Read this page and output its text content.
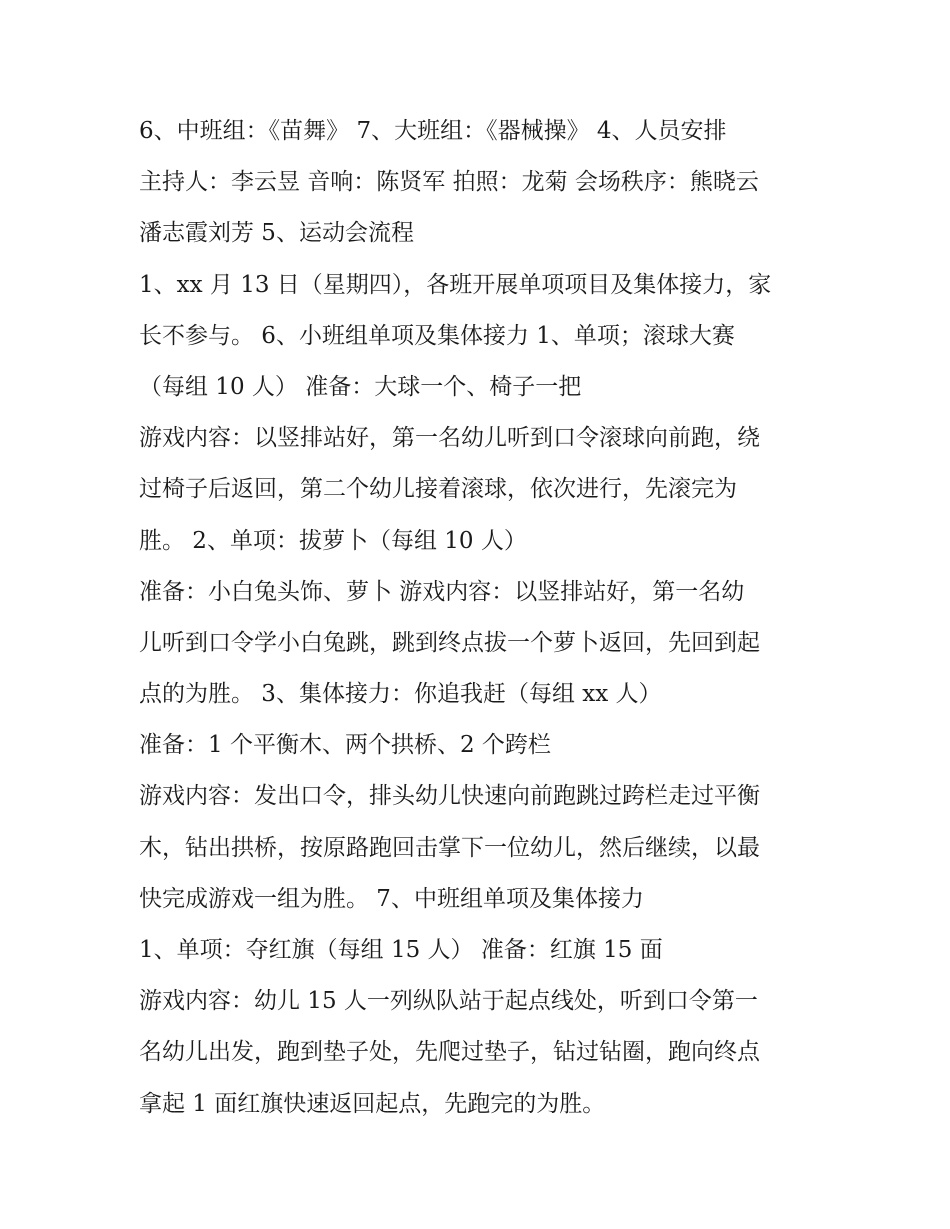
6、中班组：《苗舞》 7、大班组：《器械操》 4、人员安排
主持人：李云昱 音响：陈贤军 拍照：龙菊 会场秩序：熊晓云
潘志霞刘芳 5、运动会流程
1、xx 月 13 日（星期四），各班开展单项项目及集体接力，家
长不参与。 6、小班组单项及集体接力 1、单项；滚球大赛
（每组 10 人） 准备：大球一个、椅子一把
游戏内容：以竖排站好，第一名幼儿听到口令滚球向前跑，绕
过椅子后返回，第二个幼儿接着滚球，依次进行，先滚完为
胜。 2、单项：拔萝卜（每组 10 人）
准备：小白兔头饰、萝卜 游戏内容：以竖排站好，第一名幼
儿听到口令学小白兔跳，跳到终点拔一个萝卜返回，先回到起
点的为胜。 3、集体接力：你追我赶（每组 xx 人）
准备：1 个平衡木、两个拱桥、2 个跨栏
游戏内容：发出口令，排头幼儿快速向前跑跳过跨栏走过平衡
木，钻出拱桥，按原路跑回击掌下一位幼儿，然后继续，以最
快完成游戏一组为胜。 7、中班组单项及集体接力
1、单项：夺红旗（每组 15 人） 准备：红旗 15 面
游戏内容：幼儿 15 人一列纵队站于起点线处，听到口令第一
名幼儿出发，跑到垫子处，先爬过垫子，钻过钻圈，跑向终点
拿起 1 面红旗快速返回起点，先跑完的为胜。
